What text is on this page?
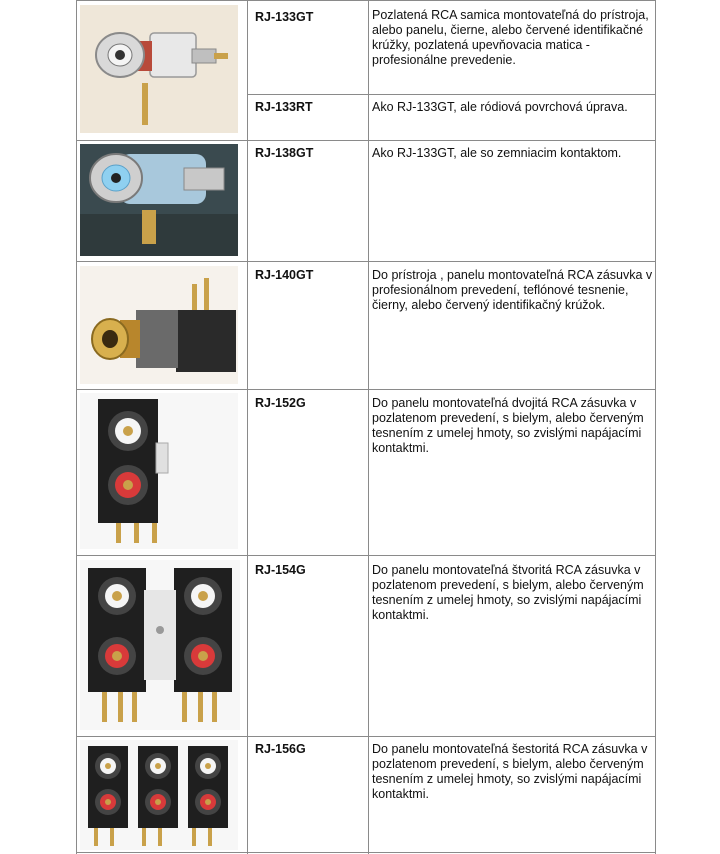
RJ-133GT	Pozlatená RCA samica montovateľná do prístroja, alebo panelu, čierne, alebo červené identifikačné krúžky, pozlatená upevňovacia matica - profesionálne prevedenie.
RJ-133RT	Ako RJ-133GT, ale ródiová povrchová úprava.
RJ-138GT	Ako RJ-133GT, ale so zemniacim kontaktom.
RJ-140GT	Do prístroja , panelu montovateľná RCA zásuvka v profesionálnom prevedení, teflónové tesnenie, čierny, alebo červený identifikačný krúžok.
RJ-152G	Do panelu montovateľná dvojitá RCA zásuvka v pozlatenom prevedení, s bielym, alebo červeným tesnením z umelej hmoty, so zvislými napájacími kontaktmi.
RJ-154G	Do panelu montovateľná štvoritá RCA zásuvka v pozlatenom prevedení, s bielym, alebo červeným tesnením z umelej hmoty, so zvislými napájacími kontaktmi.
RJ-156G	Do panelu montovateľná šestoritá RCA zásuvka v pozlatenom prevedení, s bielym, alebo červeným tesnením z umelej hmoty, so zvislými napájacími kontaktmi.
